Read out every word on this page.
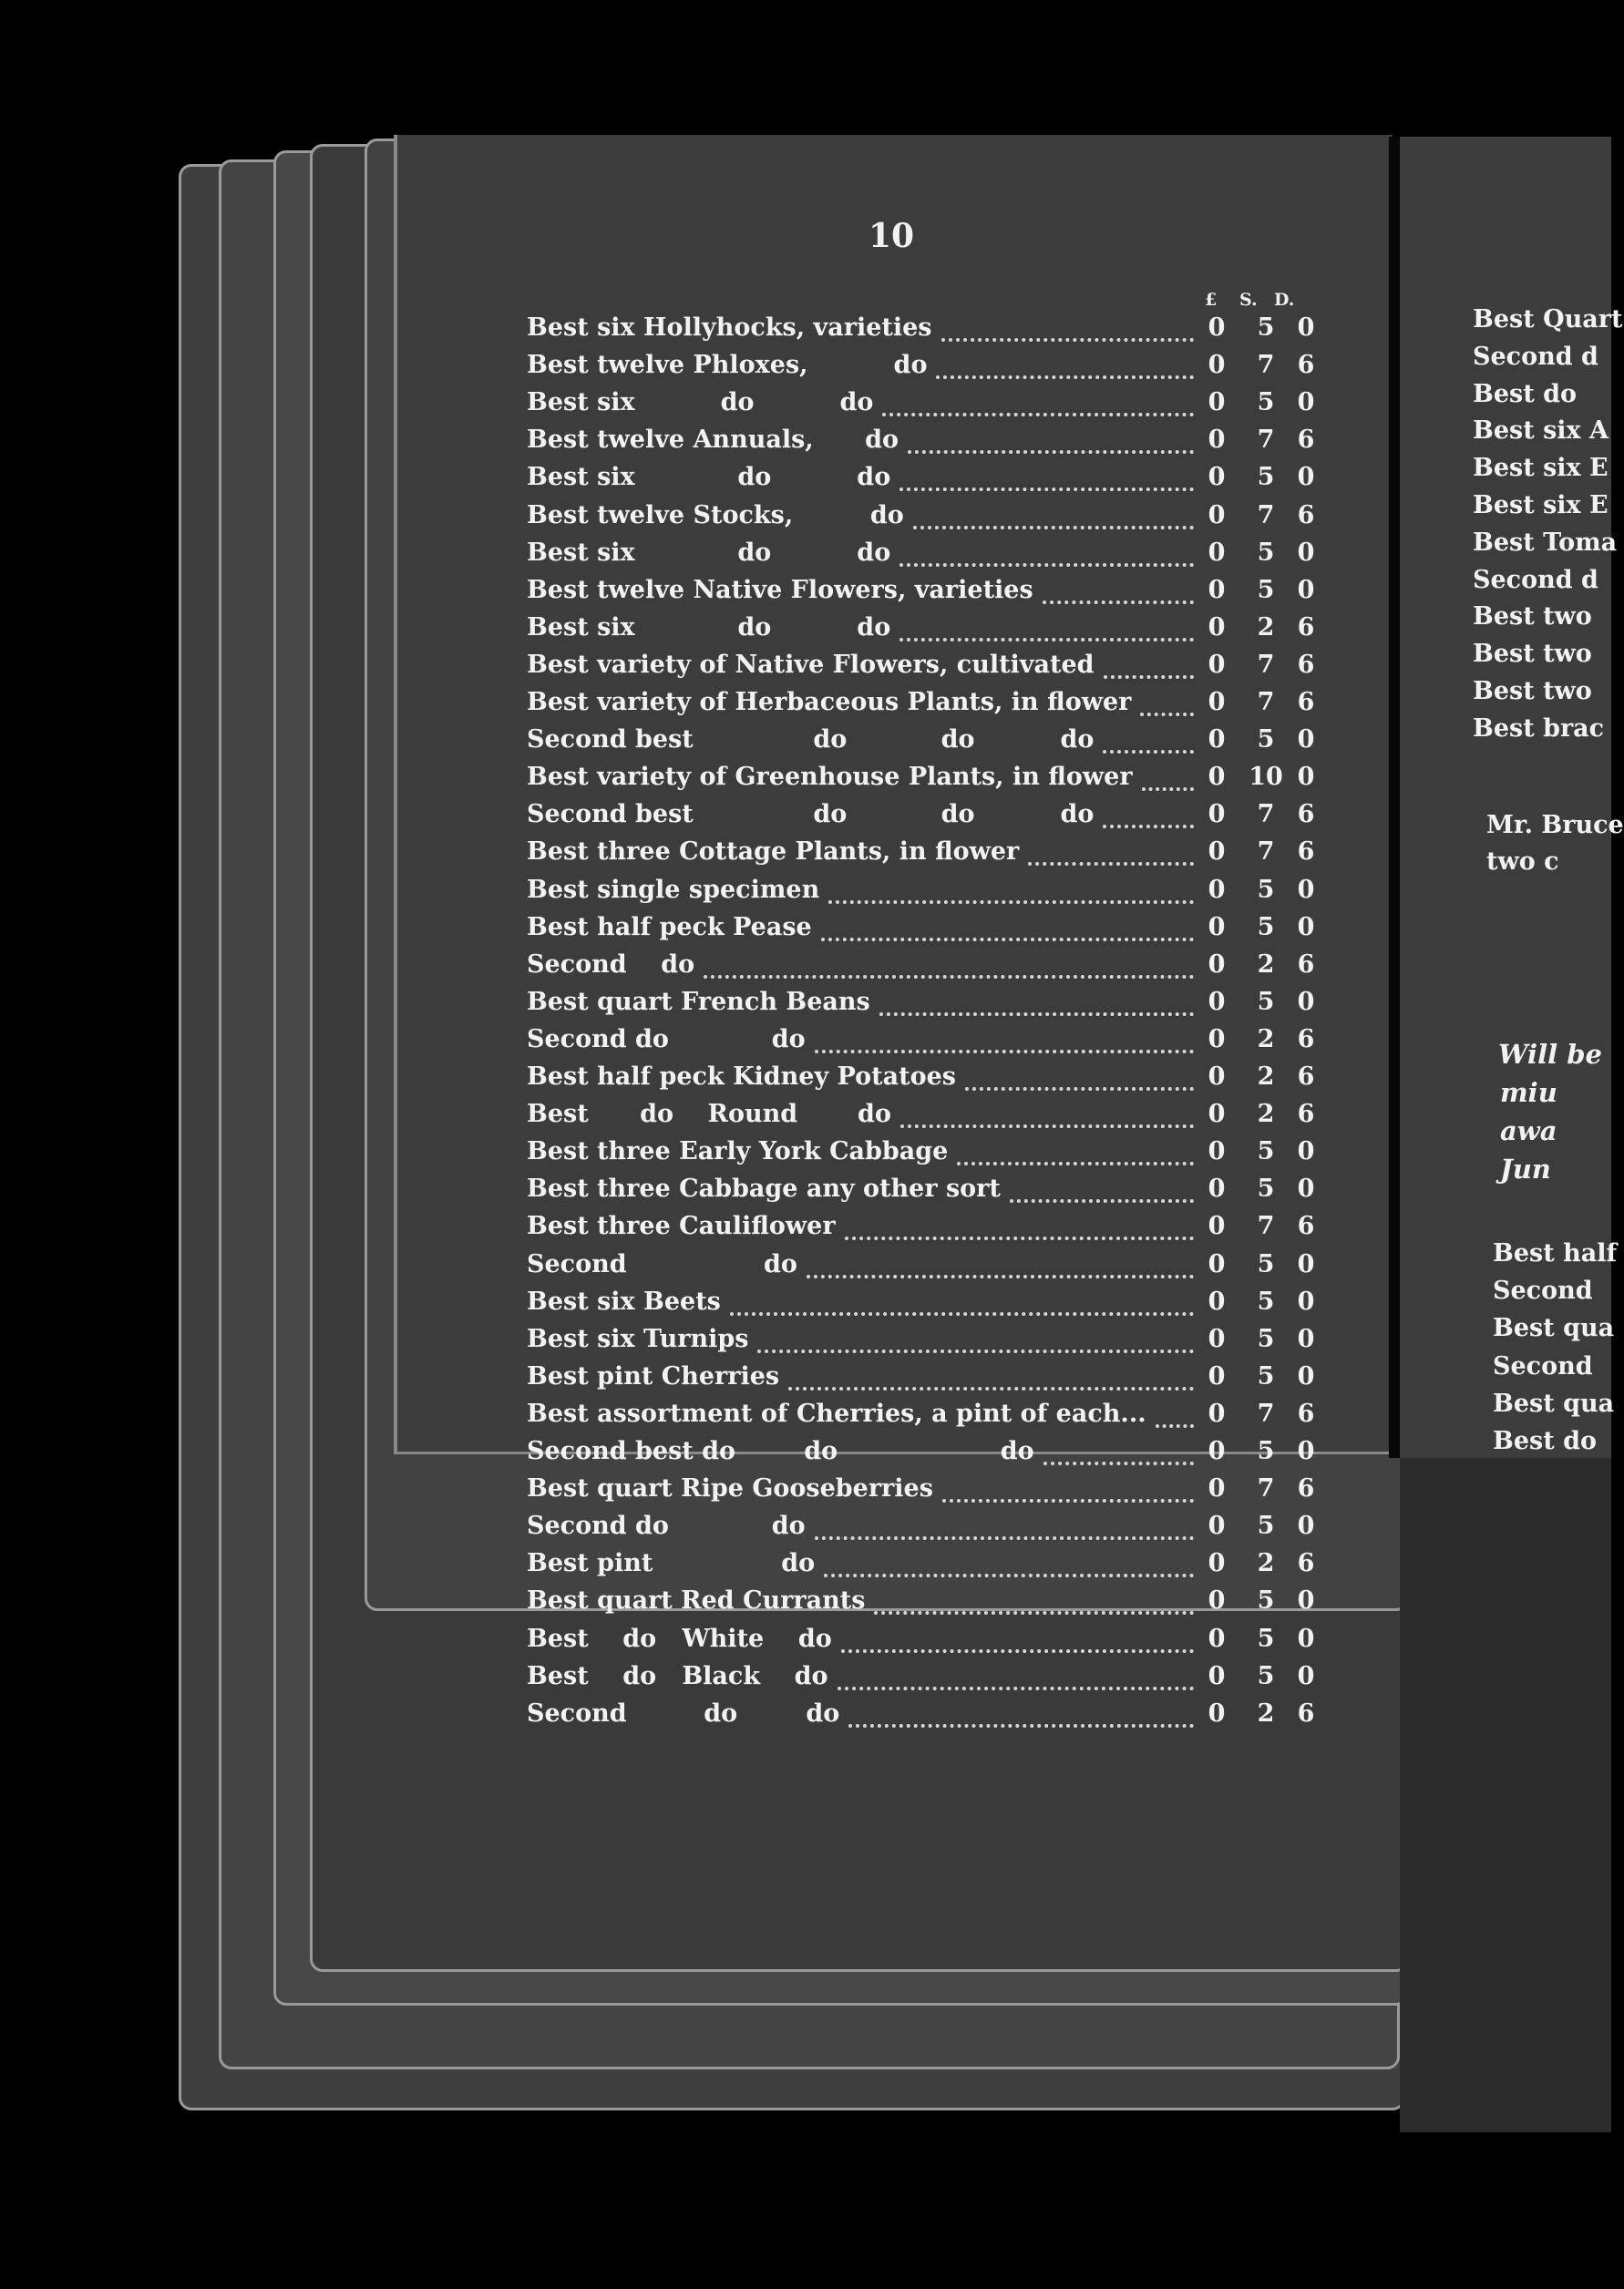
10
£ S. D.
Best six Hollyhocks, varieties	0	5 0
Best twelve Phloxes,          do	0	7 6
Best six          do          do	0	5 0
Best twelve Annuals,      do	0	7 6
Best six            do          do	0	5 0
Best twelve Stocks,         do	0	7 6
Best six            do          do	0	5 0
Best twelve Native Flowers, varieties	0	5 0
Best six            do          do	0	2 6
Best variety of Native Flowers, cultivated	0	7 6
Best variety of Herbaceous Plants, in flower	0	7 6
Second best              do           do          do	0	5 0
Best variety of Greenhouse Plants, in flower	0 10 0
Second best              do           do          do	0	7 6
Best three Cottage Plants, in flower	0	7 6
Best single specimen	0	5 0
Best half peck Pease	0	5 0
Second    do	0	2 6
Best quart French Beans	0	5 0
Second do            do	0	2 6
Best half peck Kidney Potatoes	0	2 6
Best      do    Round       do	0	2 6
Best three Early York Cabbage	0	5 0
Best three Cabbage any other sort	0	5 0
Best three Cauliflower	0	7 6
Second                do	0	5 0
Best six Beets	0	5 0
Best six Turnips	0	5 0
Best pint Cherries	0	5 0
Best assortment of Cherries, a pint of each...	0	7 6
Second best do        do                   do	0	5 0
Best quart Ripe Gooseberries	0	7 6
Second do            do	0	5 0
Best pint               do	0	2 6
Best quart Red Currants	0	5 0
Best    do   White    do	0	5 0
Best    do   Black    do	0	5 0
Second         do        do	0	2 6
Best Quart
Second d
Best do
Best six A
Best six E
Best six E
Best Toma
Second d
Best two
Best two
Best two
Best brac
Mr. Bruce
two c
Will be
miu
awa
Jun
Best half
Second
Best qua
Second
Best qua
Best do
